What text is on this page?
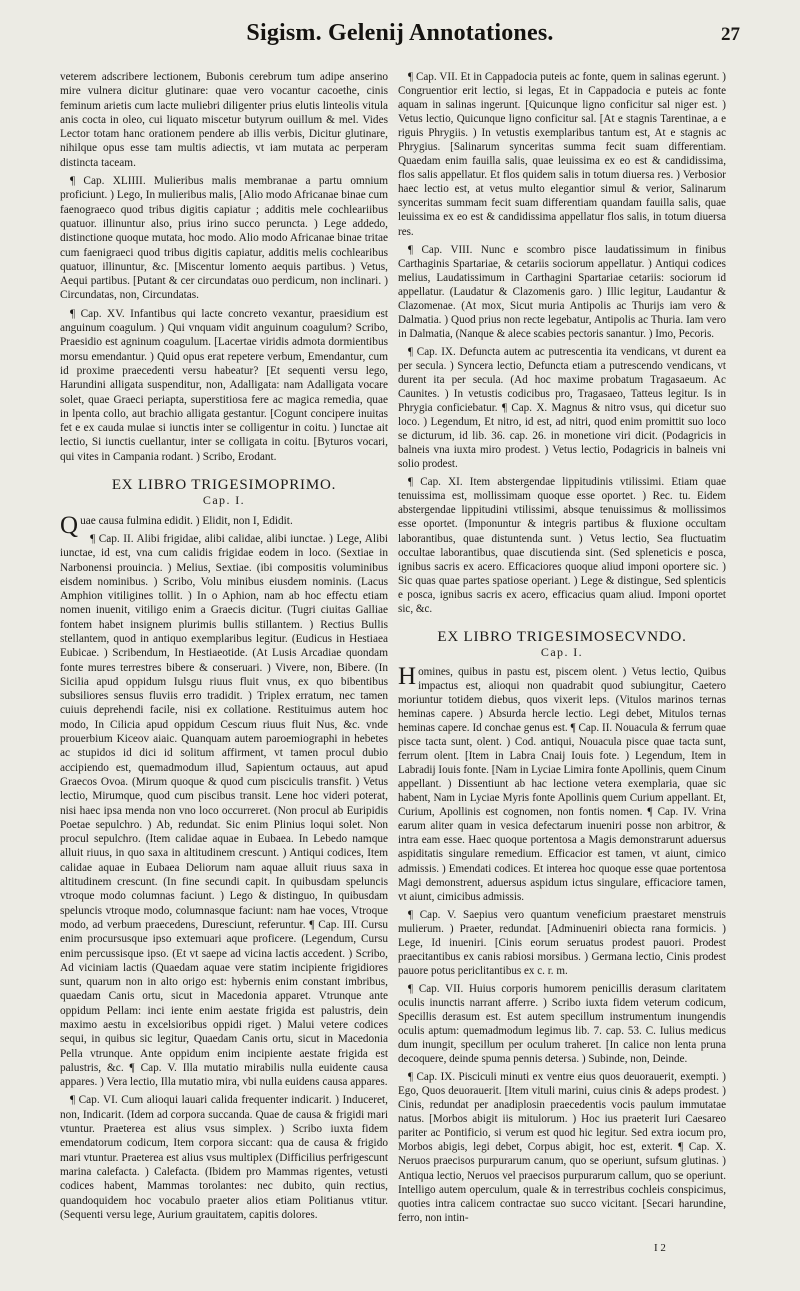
Sigism. Gelenij Annotationes.	27

veterem adscribere lectionem, Bubonis cerebrum tum adipe anserino mire vulnera dicitur glutinare: quae vero vocantur cacoethe, cinis feminum arietis cum lacte muliebri diligenter prius elutis linteolis vitula anis cocta in oleo, cui liquato miscetur butyrum ouillum & mel. Vides Lector totam hanc orationem pendere ab illis verbis, Dicitur glutinare, nihilque opus esse tam multis adiectis, vt iam mutata ac perperam distincta taceam.

¶ Cap. XLIIII. Mulieribus malis membranae a partu omnium proficiunt. ) Lego, In mulieribus malis, [Alio modo Africanae binae cum faenograeco quod tribus digitis capiatur ; additis mele cochleariibus quatuor. illinuntur also, prius irino succo peruncta. ) Lege addedo, distinctione quoque mutata, hoc modo. Alio modo Africanae binae tritae cum faenigraeci quod tribus digitis capiatur, additis melis cochlearibus quatuor, illinuntur, &c. [Miscentur lomento aequis partibus. ) Vetus, Aequi partibus. [Putant & cer circundatas ouo perdicum, non inclinari. ) Circundatas, non, Circundatas.

¶ Cap. XV. Infantibus qui lacte concreto vexantur, praesidium est anguinum coagulum. ) Qui vnquam vidit anguinum coagulum? Scribo, Praesidio est agninum coagulum. [Lacertae viridis admota dormientibus morsu emendantur. ) Quid opus erat repetere verbum, Emendantur, cum id proxime praecedenti versu habeatur? [Et sequenti versu lego, Harundini alligata suspenditur, non, Adalligata: nam Adalligata vocare solet, quae Graeci periapta, superstitiosa fere ac magica remedia, quae in lpenta collo, aut brachio alligata gestantur. [Cogunt concipere inuitas fet e ex cauda mulae si iunctis inter se colligentur in coitu. ) Iunctae ait lectio, Si iunctis cuellantur, inter se colligata in coitu. [Byturos vocari, qui vites in Campania rodant. ) Scribo, Erodant.

EX LIBRO TRIGESIMOPRIMO.
Cap. I.

Quae causa fulmina edidit. ) Elidit, non I, Edidit.

¶ Cap. II. Alibi frigidae, alibi calidae, alibi iunctae. ) Lege, Alibi iunctae, id est, vna cum calidis frigidae eodem in loco. (Sextiae in Narbonensi prouincia. ) Melius, Sextiae. (ibi compositis voluminibus eisdem nominibus. ) Scribo, Volu minibus eiusdem nominis. (Lacus Amphion vitiligines tollit. ) In o Aphion, nam ab hoc effectu etiam nomen inuenit, vitiligo enim a Graecis dicitur. (Tugri ciuitas Galliae fontem habet insignem plurimis bullis stillantem. ) Rectius Bullis stellantem, quod in antiquo exemplaribus legitur. (Eudicus in Hestiaea Eubicae. ) Scribendum, In Hestiaeotide. (At Lusis Arcadiae quondam fonte mures terrestres bibere & conseruari. ) Vivere, non, Bibere. (In Sicilia apud oppidum Iulsgu riuus fluit vnus, ex quo bibentibus subsiliores sensus fluviis erro tradidit. ) Triplex erratum, nec tamen cuiuis deprehendi facile, nisi ex collatione. Restituimus autem hoc modo, In Cilicia apud oppidum Cescum riuus fluit Nus, &c. vnde prouerbium Kiceov aiaic. Quanquam autem paroemiographi in hebetes ac stupidos id dici id solitum affirment, vt tamen procul dubio accipiendo est, quemadmodum illud, Sapientum octauus, aut apud Graecos Ovoa. (Mirum quoque & quod cum pisciculis transfit. ) Vetus lectio, Mirumque, quod cum piscibus transit. Lene hoc videri poterat, nisi haec ipsa menda non vno loco occurreret. (Non procul ab Euripidis Poetae sepulchro. ) Ab, redundat. Sic enim Plinius loqui solet. Non procul sepulchro. (Item calidae aquae in Eubaea. In Lebedo namque alluit riuus, in quo saxa in altitudinem crescunt. ) Antiqui codices, Item calidae aquae in Eubaea Deliorum nam aquae alluit riuus saxa in altitudinem crescunt. (In fine secundi capit. In quibusdam speluncis vtroque modo columnas faciunt. ) Lego & distinguo, In quibusdam speluncis vtroque modo, columnasque faciunt: nam hae voces, Vtroque modo, ad verbum praecedens, Duresciunt, referuntur. ¶ Cap. III. Cursu enim procursusque ipso extemuari aque proficere. (Legendum, Cursu enim percussisque ipso. (Et vt saepe ad vicina lactis accedent. ) Scribo, Ad viciniam lactis (Quaedam aquae vere statim incipiente frigidiores sunt, quarum non in alto origo est: hybernis enim constant imbribus, quaedam Canis ortu, sicut in Macedonia apparet. Vtrunque ante oppidum Pellam: inci iente enim aestate frigida est palustris, dein maximo aestu in excelsioribus oppidi riget. ) Malui vetere codices sequi, in quibus sic legitur, Quaedam Canis ortu, sicut in Macedonia Pella vtrunque. Ante oppidum enim incipiente aestate frigida est palustris, &c. ¶ Cap. V. Illa mutatio mirabilis nulla euidente causa appares. ) Vera lectio, Illa mutatio mira, vbi nulla euidens causa appares.

¶ Cap. VI. Cum alioqui lauari calida frequenter indicarit. ) Induceret, non, Indicarit. (Idem ad corpora succanda. Quae de causa & frigidi mari vtuntur. Praeterea est alius vsus simplex. ) Scribo iuxta fidem emendatorum codicum, Item corpora siccant: qua de causa & frigido mari vtuntur. Praeterea est alius vsus multiplex (Difficilius perfrigescunt marina calefacta. ) Calefacta. (Ibidem pro Mammas rigentes, vetusti codices habent, Mammas torolantes: nec dubito, quin rectius, quandoquidem hoc vocabulo praeter alios etiam Politianus vtitur. (Sequenti versu lege, Aurium grauitatem, capitis dolores.

¶ Cap. VII. Et in Cappadocia puteis ac fonte, quem in salinas egerunt. ) Congruentior erit lectio, si legas, Et in Cappadocia e puteis ac fonte aquam in salinas ingerunt. [Quicunque ligno conficitur sal niger est. ) Vetus lectio, Quicunque ligno conficitur sal. [At e stagnis Tarentinae, a e riguis Phrygiis. ) In vetustis exemplaribus tantum est, At e stagnis ac Phrygius. [Salinarum synceritas summa fecit suam differentiam. Quaedam enim fauilla salis, quae leuissima ex eo est & candidissima, flos salis appellatur. Et flos quidem salis in totum diuersa res. ) Verbosior haec lectio est, at vetus multo elegantior simul & verior, Salinarum synceritas summam fecit suam differentiam quandam fauilla salis, quae leuissima ex eo est & candidissima appellatur flos salis, in totum diuersa res.

¶ Cap. VIII. Nunc e scombro pisce laudatissimum in finibus Carthaginis Spartariae, & cetariis sociorum appellatur. ) Antiqui codices melius, Laudatissimum in Carthagini Spartariae cetariis: sociorum id appellatur. (Laudatur & Clazomenis garo. ) Illic legitur, Laudantur & Clazomenae. (At mox, Sicut muria Antipolis ac Thurijs iam vero & Dalmatia. ) Quod prius non recte legebatur, Antipolis ac Thuria. Iam vero in Dalmatia, (Nanque & alece scabies pectoris sanantur. ) Imo, Pecoris.

¶ Cap. IX. Defuncta autem ac putrescentia ita vendicans, vt durent ea per secula. ) Syncera lectio, Defuncta etiam a putrescendo vendicans, vt durent ita per secula. (Ad hoc maxime probatum Tragasaeum. Ac Caunites. ) In vetustis codicibus pro, Tragasaeo, Tatteus legitur. Is in Phrygia conficiebatur. ¶ Cap. X. Magnus & nitro vsus, qui dicetur suo loco. ) Legendum, Et nitro, id est, ad nitri, quod enim promittit suo loco se dicturum, id lib. 36. cap. 26. in monetione viri dicit. (Podagricis in balneis vna iuxta miro prodest. ) Vetus lectio, Podagricis in balneis vni solio prodest.

¶ Cap. XI. Item abstergendae lippitudinis vtilissimi. Etiam quae tenuissima est, mollissimam quoque esse oportet. ) Rec. tu. Eidem abstergendae lippitudini vtilissimi, absque tenuissimus & mollissimos esse oportet. (Imponuntur & integris partibus & fluxione occultam laborantibus, quae distuntenda sunt. ) Vetus lectio, Sea fluctuatim occultae laborantibus, quae discutienda sint. (Sed spleneticis e posca, ignibus sacris ex acero. Efficaciores quoque aliud imponi oportere sic. ) Sic quas quae partes spatiose operiant. ) Lege & distingue, Sed splenticis e posca, ignibus sacris ex acero, efficacius quam aliud. Imponi oportet sic, &c.

EX LIBRO TRIGESIMOSECVNDO.
Cap. I.

Homines, quibus in pastu est, piscem olent. ) Vetus lectio, Quibus impactus est, alioqui non quadrabit quod subiungitur, Caetero moriuntur totidem diebus, quos vixerit leps. (Vitulos marinos ternas heminas capere. ) Absurda hercle lectio. Legi debet, Mitulos ternas heminas capere. Id conchae genus est. ¶ Cap. II. Nouacula & ferrum quae pisce tacta sunt, olent. ) Cod. antiqui, Nouacula pisce quae tacta sunt, ferrum olent. [Item in Labra Cnaij Iouis fote. ) Legendum, Item in Labradij Iouis fonte. [Nam in Lyciae Limira fonte Apollinis, quem Cinum appellant. ) Dissentiunt ab hac lectione vetera exemplaria, quae sic habent, Nam in Lyciae Myris fonte Apollinis quem Curium appellant. Et, Curium, Apollinis est cognomen, non fontis nomen. ¶ Cap. IV. Vrina earum aliter quam in vesica defectarum inueniri posse non arbitror, & intra eam esse. Haec quoque portentosa a Magis demonstrarunt aduersus aspiditatis singulare remedium. Efficacior est tamen, vt aiunt, cimico admissis. ) Emendati codices. Et interea hoc quoque esse quae portentosa Magi demonstrent, aduersus aspidum ictus singulare, efficaciore tamen, vt aiunt, cimicibus admissis.

¶ Cap. V. Saepius vero quantum veneficium praestaret menstruis mulierum. ) Praeter, redundat. [Adminueniri obiecta rana formicis. ) Lege, Id inueniri. [Cinis eorum seruatus prodest pauori. Prodest praecitantibus ex canis rabiosi morsibus. ) Germana lectio, Cinis prodest pauore potus periclitantibus ex c. r. m.

¶ Cap. VII. Huius corporis humorem penicillis derasum claritatem oculis inunctis narrant afferre. ) Scribo iuxta fidem veterum codicum, Specillis derasum est. Est autem specillum instrumentum inungendis oculis aptum: quemadmodum legimus lib. 7. cap. 53. C. Iulius medicus dum inungit, specillum per oculum traheret. [In calice non lenta pruna decoquere, deinde spuma pennis detersa. ) Subinde, non, Deinde.

¶ Cap. IX. Pisciculi minuti ex ventre eius quos deuorauerit, exempti. ) Ego, Quos deuorauerit. [Item vituli marini, cuius cinis & adeps prodest. ) Cinis, redundat per anadiplosin praecedentis vocis paulum immutatae natus. [Morbos abigit iis mitulorum. ) Hoc ius praeterit Iuri Caesareo pariter ac Pontificio, si verum est quod hic legitur. Sed extra iocum pro, Morbos abigis, legi debet, Corpus abigit, hoc est, exterit. ¶ Cap. X. Neruos praecisos purpurarum canum, quo se operiunt, sufsum glutinas. ) Antiqua lectio, Neruos vel praecisos purpurarum callum, quo se operiunt. Intelligo autem operculum, quale & in terrestribus cochleis conspicimus, quoties intra calicem contractae suo succo vicitant. [Secari harundine, ferro, non intin-

I 2
